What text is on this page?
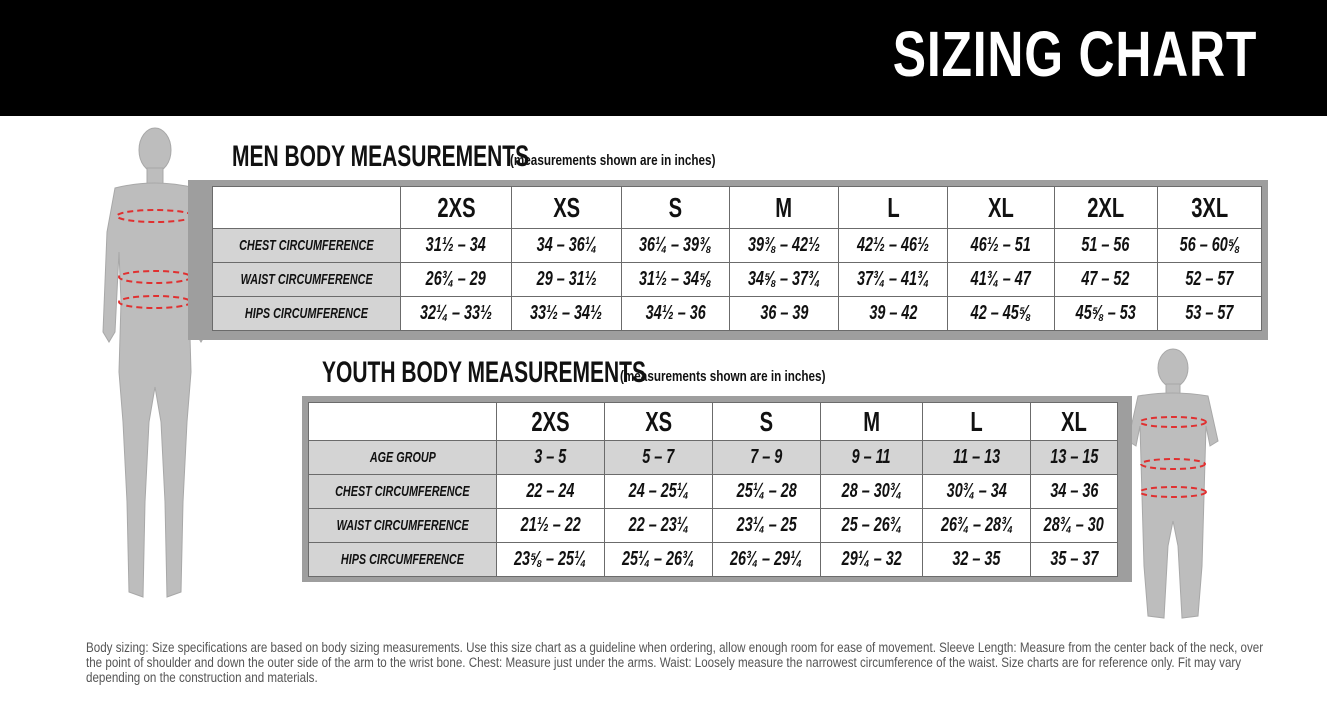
SIZING CHART
MEN BODY MEASUREMENTS
(measurements shown are in inches)
	2XS	XS	S	M	L	XL	2XL	3XL
CHEST CIRCUMFERENCE	31½ – 34	34 – 36¼	36¼ – 39⅜	39⅜ – 42½	42½ – 46½	46½ – 51	51 – 56	56 – 60⅝
WAIST CIRCUMFERENCE	26¾ – 29	29 – 31½	31½ – 34⅝	34⅝ – 37¾	37¾ – 41¾	41¾ – 47	47 – 52	52 – 57
HIPS CIRCUMFERENCE	32¼ – 33½	33½ – 34½	34½ – 36	36 – 39	39 – 42	42 – 45⅝	45⅝ – 53	53 – 57
YOUTH BODY MEASUREMENTS
(measurements shown are in inches)
	2XS	XS	S	M	L	XL
AGE GROUP	3 – 5	5 – 7	7 – 9	9 – 11	11 – 13	13 – 15
CHEST CIRCUMFERENCE	22 – 24	24 – 25¼	25¼ – 28	28 – 30¾	30¾ – 34	34 – 36
WAIST CIRCUMFERENCE	21½ – 22	22 – 23¼	23¼ – 25	25 – 26¾	26¾ – 28¾	28¾ – 30
HIPS CIRCUMFERENCE	23⅝ – 25¼	25¼ – 26¾	26¾ – 29¼	29¼ – 32	32 – 35	35 – 37
Body sizing: Size specifications are based on body sizing measurements. Use this size chart as a guideline when ordering, allow enough room for ease of movement. Sleeve Length: Measure from the center back of the neck, over the point of shoulder and down the outer side of the arm to the wrist bone. Chest: Measure just under the arms. Waist: Loosely measure the narrowest circumference of the waist. Size charts are for reference only. Fit may vary depending on the construction and materials.
